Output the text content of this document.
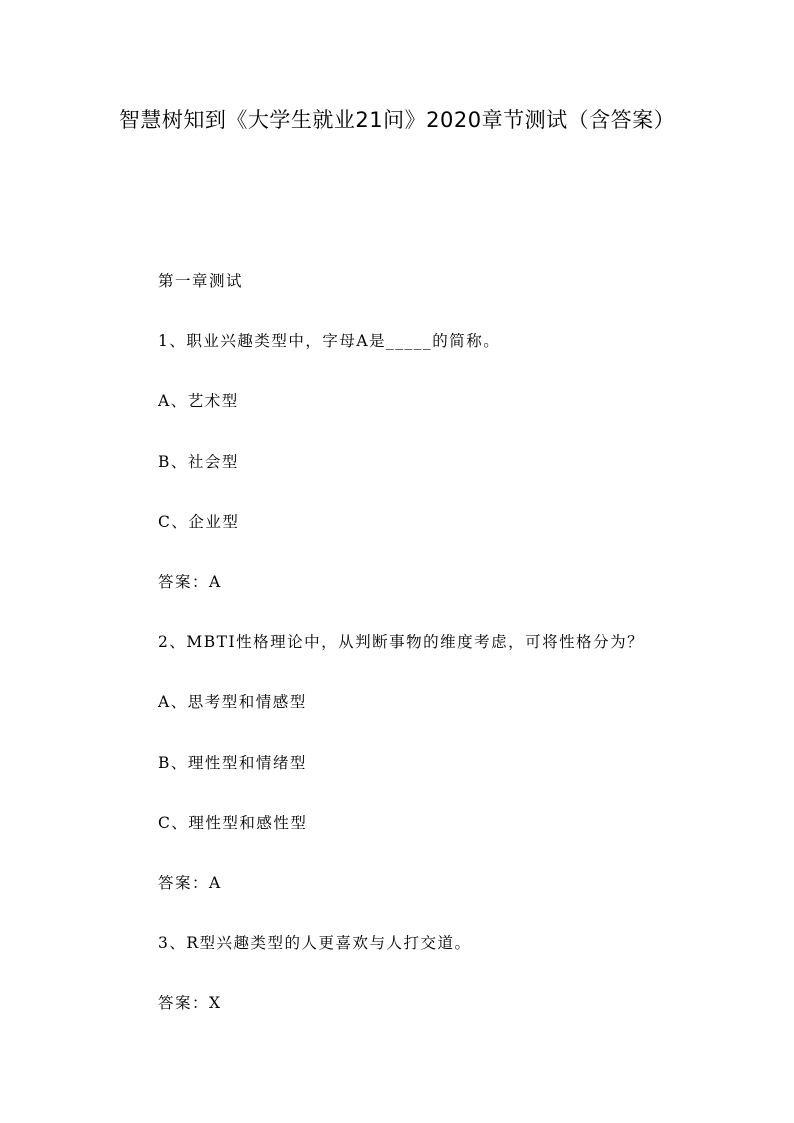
智慧树知到《大学生就业21问》2020章节测试（含答案）
第一章测试
1、职业兴趣类型中，字母A是_____的简称。
A、艺术型
B、社会型
C、企业型
答案：A
2、MBTI性格理论中，从判断事物的维度考虑，可将性格分为？
A、思考型和情感型
B、理性型和情绪型
C、理性型和感性型
答案：A
3、R型兴趣类型的人更喜欢与人打交道。
答案：X
